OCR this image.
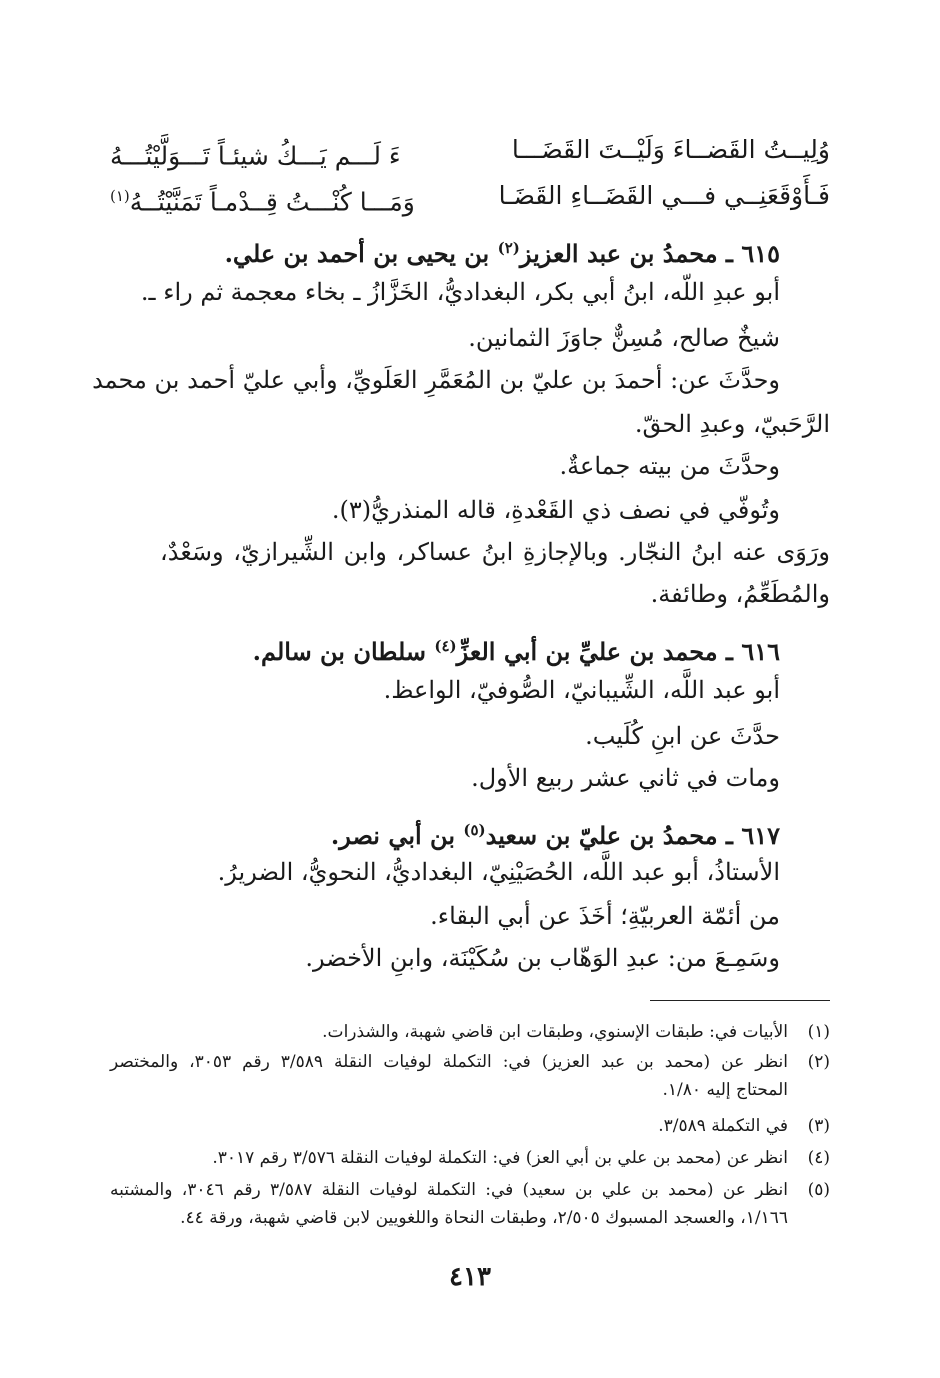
وُلِيــتُ القَضــاءَ وَلَيْــتَ القَضَـــا
ءَ لَـــم يَـــكُ شيئـاً تَـــوَلَّيْتُـــهُ
فَـأَوْقَعَنِــي فـــي القَضَــاءِ القَضَـا
وَمَـــا كُنْـــتُ قِــدْمـاً تَمَنَّيْتُــهُ$^{(١)}$
٦١٥ ـ محمدُ بن عبد العزيز$^{(٢)}$ بن يحيى بن أحمد بن علي.
أبو عبدِ اللّه، ابنُ أبي بكر، البغداديُّ، الخَزَّازُ ـ بخاء معجمة ثم راء ـ.
شيخٌ صالح، مُسِنٌّ جاوَزَ الثمانين.
وحدَّثَ عن: أحمدَ بن عليّ بن المُعَمَّرِ العَلَويِّ، وأبي عليّ أحمد بن محمد
الرَّحَبيّ، وعبدِ الحقّ.
وحدَّثَ من بيته جماعةٌ.
وتُوفّي في نصف ذي القَعْدةِ، قاله المنذريُّ(٣).
ورَوَى عنه ابنُ النجّار. وبالإجازةِ ابنُ عساكر، وابن الشِّيرازيّ، وسَعْدٌ،
والمُطَعِّمُ، وطائفة.
٦١٦ ـ محمد بن عليِّ بن أبي العزِّ$^{(٤)}$ سلطان بن سالم.
أبو عبد اللَّه، الشِّيبانيّ، الصُّوفيّ، الواعظ.
حدَّثَ عن ابنِ كُلَيب.
ومات في ثاني عشر ربيع الأول.
٦١٧ ـ محمدُ بن عليّ بن سعيد$^{(٥)}$ بن أبي نصر.
الأستاذُ، أبو عبد اللَّه، الحُصَيْنِيّ، البغداديُّ، النحويُّ، الضريرُ.
من أئمّة العربيّةِ؛ أخَذَ عن أبي البقاء.
وسَمِـعَ من: عبدِ الوَهّاب بن سُكَيْنَة، وابنِ الأخضر.
(١)
الأبيات في: طبقات الإسنوي، وطبقات ابن قاضي شهبة، والشذرات.
(٢)
انظر عن (محمد بن عبد العزيز) في: التكملة لوفيات النقلة ٣/٥٨٩ رقم ٣٠٥٣، والمختصر
المحتاج إليه ١/٨٠.
(٣)
في التكملة ٣/٥٨٩.
(٤)
انظر عن (محمد بن علي بن أبي العز) في: التكملة لوفيات النقلة ٣/٥٧٦ رقم ٣٠١٧.
(٥)
انظر عن (محمد بن علي بن سعيد) في: التكملة لوفيات النقلة ٣/٥٨٧ رقم ٣٠٤٦، والمشتبه
١/١٦٦، والعسجد المسبوك ٢/٥٠٥، وطبقات النحاة واللغويين لابن قاضي شهبة، ورقة ٤٤.
٤١٣
